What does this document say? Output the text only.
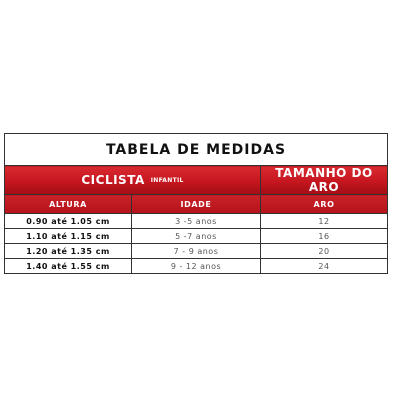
TABELA DE MEDIDAS		
CICLISTA INFANTIL		TAMANHO DO ARO
ALTURA	IDADE	ARO
0.90 até 1.05 cm	3 -5 anos	12
1.10 até 1.15 cm	5 -7 anos	16
1.20 até 1.35 cm	7 - 9 anos	20
1.40 até 1.55 cm	9 - 12 anos	24
